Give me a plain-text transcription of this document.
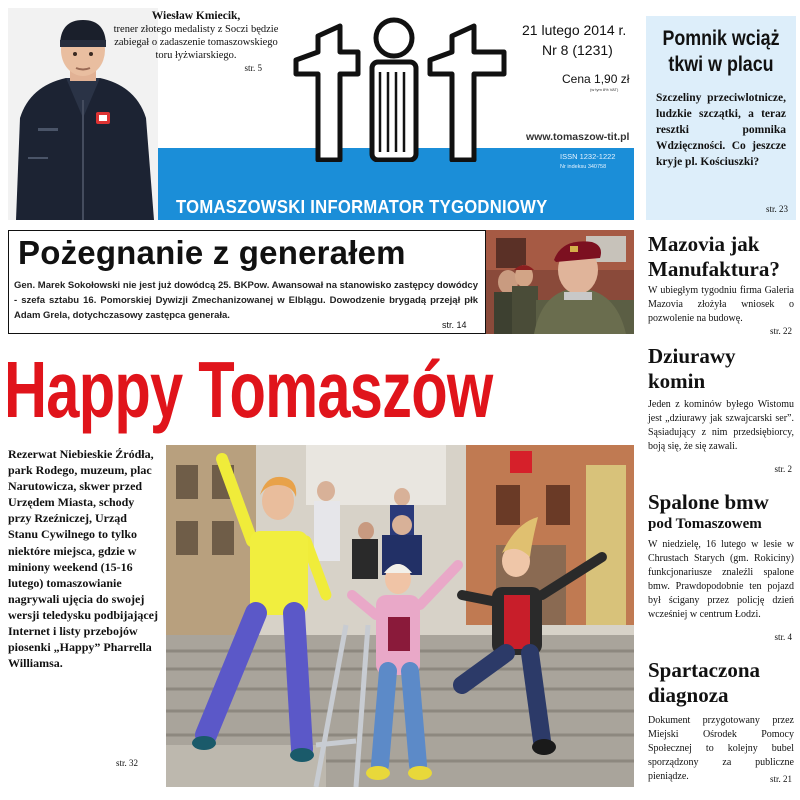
Wiesław Kmiecik,
trener złotego medalisty z Soczi będzie zabiegał o zadaszenie tomaszowskiego toru łyżwiarskiego.
str. 5
21 lutego 2014 r.
Nr 8 (1231)
Cena 1,90 zł
(w tym 8% VAT)
www.tomaszow-tit.pl
ISSN 1232-1222
Nr indeksu 340758
TOMASZOWSKI INFORMATOR TYGODNIOWY
Pomnik wciąż tkwi w placu
Szczeliny przeciwlotnicze, ludzkie szczątki, a teraz resztki pomnika Wdzięczności. Co jeszcze kryje pl. Kościuszki?
str. 23
Pożegnanie z generałem
Gen. Marek Sokołowski nie jest już dowódcą 25. BKPow. Awansował na stanowisko zastępcy dowódcy - szefa sztabu 16. Pomorskiej Dywizji Zmechanizowanej w Elblągu. Dowodzenie brygadą przejął płk Adam Grela, dotychczasowy zastępca generała.
str. 14
Mazovia jak Manufaktura?
W ubiegłym tygodniu firma Galeria Mazovia złożyła wniosek o pozwolenie na budowę.
str. 22
Dziurawy komin
Jeden z kominów byłego Wistomu jest „dziurawy jak szwajcarski ser”. Sąsiadujący z nim przedsiębiorcy, boją się, że się zawali.
str. 2
Spalone bmw
pod Tomaszowem
W niedzielę, 16 lutego w lesie w Chrustach Starych (gm. Rokiciny) funkcjonariusze znaleźli spalone bmw. Prawdopodobnie ten pojazd był ścigany przez policję dzień wcześniej w centrum Łodzi.
str. 4
Spartaczona diagnoza
Dokument przygotowany przez Miejski Ośrodek Pomocy Społecznej to kolejny bubel sporządzony za publiczne pieniądze.	str. 21
Happy Tomaszów
Rezerwat Niebieskie Źródła, park Rodego, muzeum, plac Narutowicza, skwer przed Urzędem Miasta, schody przy Rzeźniczej, Urząd Stanu Cywilnego to tylko niektóre miejsca, gdzie w miniony weekend (15-16 lutego) tomaszowianie nagrywali ujęcia do swojej wersji teledysku podbijającej Internet i listy przebojów piosenki „Happy” Pharrella Williamsa.
str. 32
